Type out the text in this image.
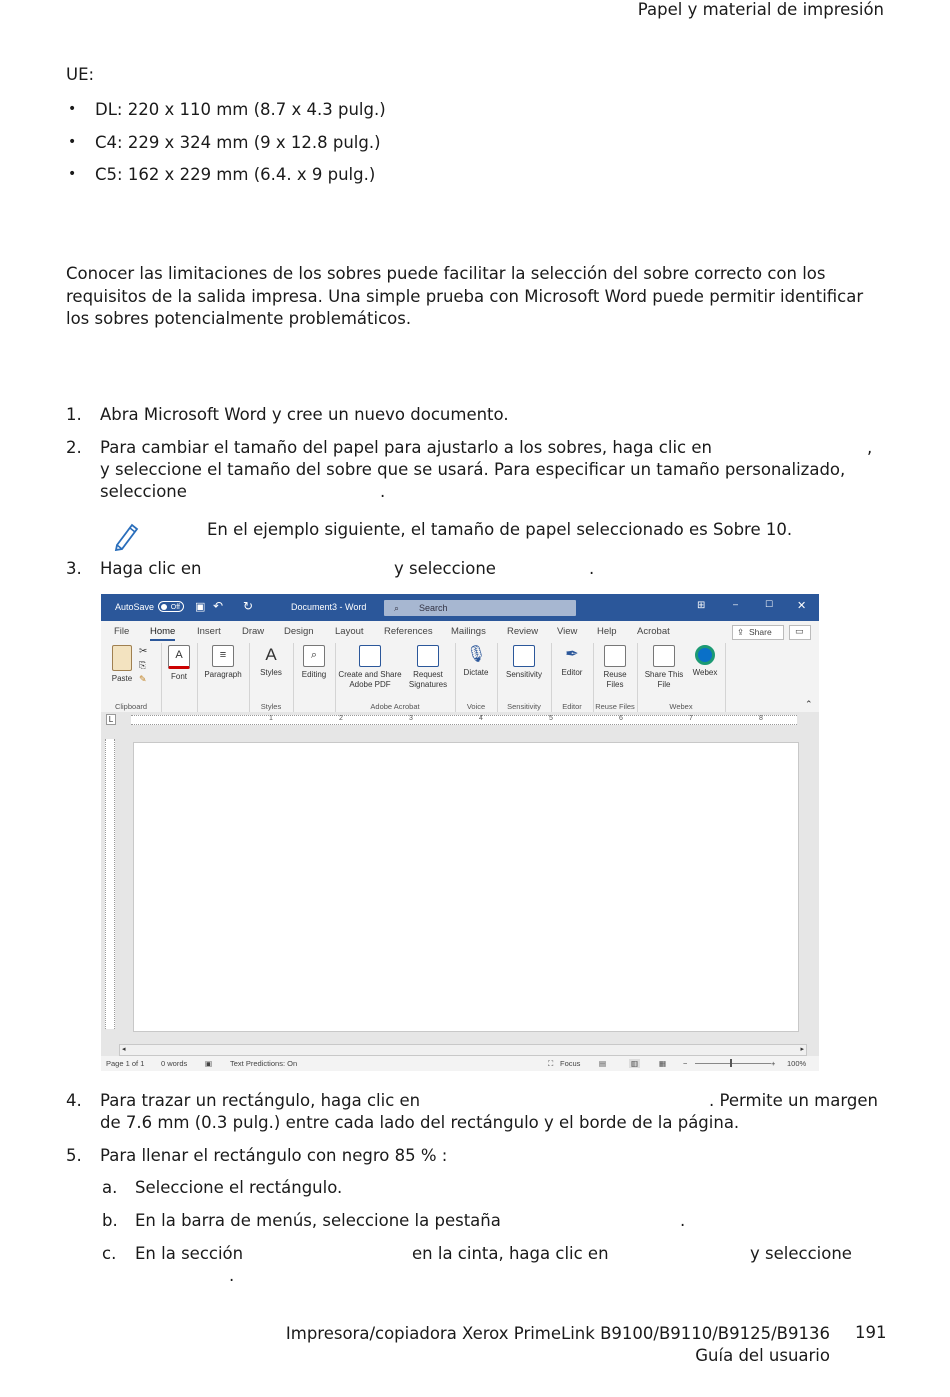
Papel y material de impresión
UE:
• DL: 220 x 110 mm (8.7 x 4.3 pulg.)
• C4: 229 x 324 mm (9 x 12.8 pulg.)
• C5: 162 x 229 mm (6.4. x 9 pulg.)
Conocer las limitaciones de los sobres puede facilitar la selección del sobre correcto con los requisitos de la salida impresa. Una simple prueba con Microsoft Word puede permitir identificar los sobres potencialmente problemáticos.
1. Abra Microsoft Word y cree un nuevo documento.
2. Para cambiar el tamaño del papel para ajustarlo a los sobres, haga clic en	,
y seleccione el tamaño del sobre que se usará. Para especificar un tamaño personalizado,
seleccione	.
En el ejemplo siguiente, el tamaño de papel seleccionado es Sobre 10.
3. Haga clic en	y seleccione	.
AutoSave	Off	▣ ↶ ↻	Document3 - Word	⌕ Search	⊞	–	☐ ✕
File Home Insert Draw Design Layout References Mailings Review View Help Acrobat	⇪ Share	▭
Paste
✂
⎘
✎
Clipboard
A
Font
≡
Paragraph
A
Styles
Styles
⌕
Editing	Create and Share Adobe PDF
Request Signatures
Adobe Acrobat
🎙
Dictate
Voice
Sensitivity
Sensitivity
✒
Editor
Editor
Reuse Files
Reuse Files
Share This File
Webex
Webex	⌃
L	1	2	3	4	5	6	7	8
◂	▸
Page 1 of 1 0 words ▣ Text Predictions: On	⛶ Focus ▤	▥	▦ −	+ 100%
4. Para trazar un rectángulo, haga clic en	. Permite un margen
de 7.6 mm (0.3 pulg.) entre cada lado del rectángulo y el borde de la página.
5. Para llenar el rectángulo con negro 85 % :
a. Seleccione el rectángulo.
b. En la barra de menús, seleccione la pestaña	.
c. En la sección	en la cinta, haga clic en	y seleccione
.
Impresora/copiadora Xerox PrimeLink B9100/B9110/B9125/B9136
Guía del usuario
191
